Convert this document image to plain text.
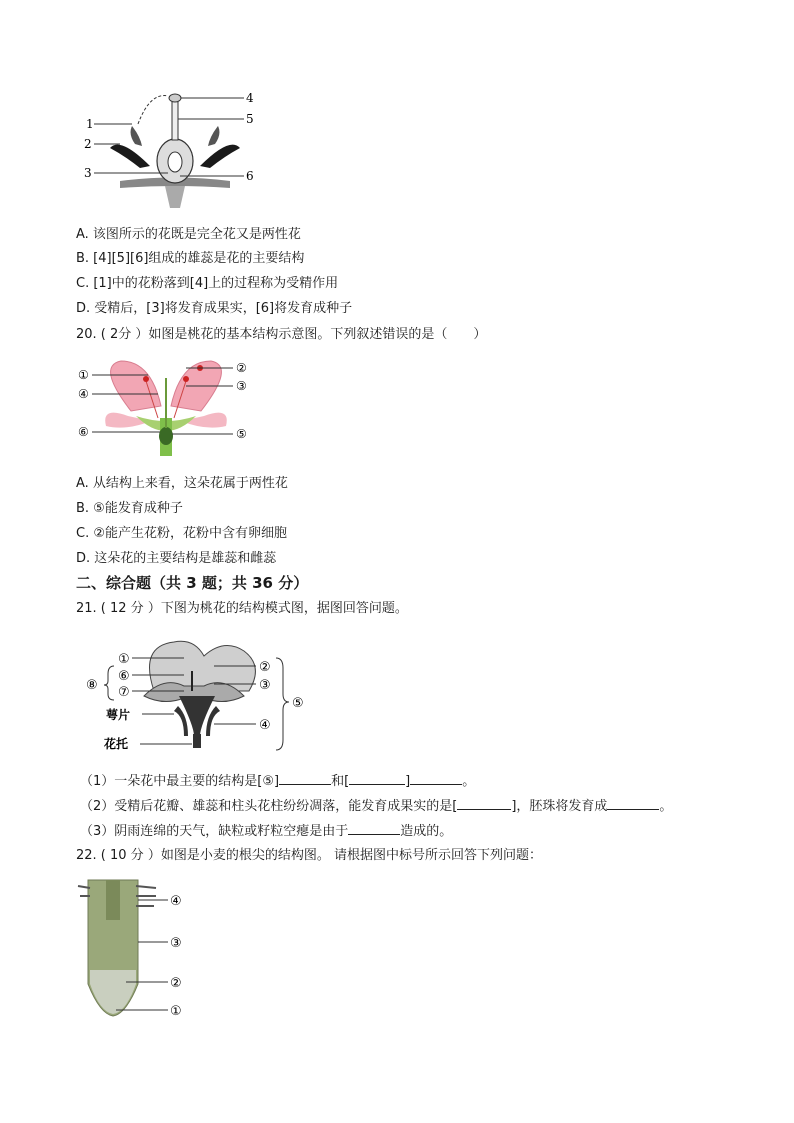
1
2
3
4
5
6
A. 该图所示的花既是完全花又是两性花
B. [4][5][6]组成的雄蕊是花的主要结构
C. [1]中的花粉落到[4]上的过程称为受精作用
D. 受精后，[3]将发育成果实，[6]将发育成种子
20. ( 2分 ）如图是桃花的基本结构示意图。下列叙述错误的是（　　）
①	②
④
③
⑥	⑤
A. 从结构上来看，这朵花属于两性花
B. ⑤能发育成种子
C. ②能产生花粉，花粉中含有卵细胞
D. 这朵花的主要结构是雄蕊和雌蕊
二、综合题（共 3 题；共 36 分）
21. ( 12 分 ）下图为桃花的结构模式图，据图回答问题。
①
⑥
⑦
⑧
②
③
④
⑤
萼片
花托
（1）一朵花中最主要的结构是[⑤]	和[	]	。
（2）受精后花瓣、雄蕊和柱头花柱纷纷凋落，能发育成果实的是[	]，胚珠将发育成	。
（3）阴雨连绵的天气，缺粒或籽粒空瘪是由于	造成的。
22. ( 10 分 ）如图是小麦的根尖的结构图。 请根据图中标号所示回答下列问题：
④
③
②
①
